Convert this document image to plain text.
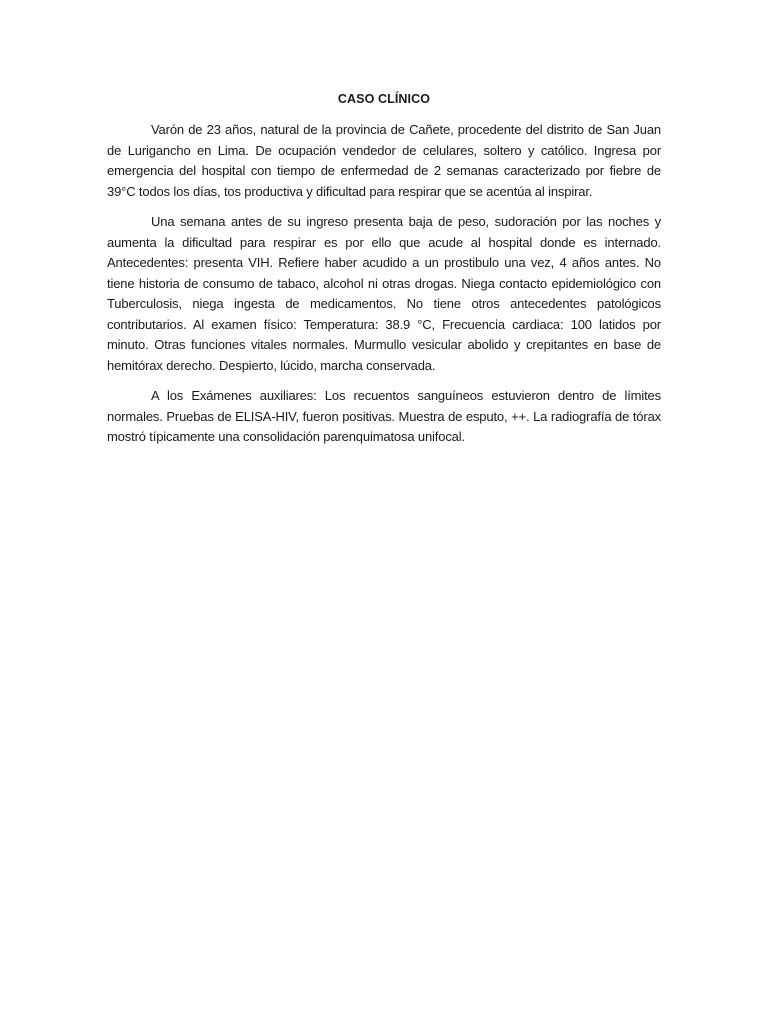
CASO CLÍNICO

Varón de 23 años, natural de la provincia de Cañete, procedente del distrito de San Juan de Lurigancho en Lima. De ocupación vendedor de celulares, soltero y católico. Ingresa por emergencia del hospital con tiempo de enfermedad de 2 semanas caracterizado por fiebre de 39°C todos los días, tos productiva y dificultad para respirar que se acentúa al inspirar.

Una semana antes de su ingreso presenta baja de peso, sudoración por las noches y aumenta la dificultad para respirar es por ello que acude al hospital donde es internado. Antecedentes: presenta VIH. Refiere haber acudido a un prostibulo una vez, 4 años antes. No tiene historia de consumo de tabaco, alcohol ni otras drogas. Niega contacto epidemiológico con Tuberculosis, niega ingesta de medicamentos. No tiene otros antecedentes patológicos contributarios. Al examen físico: Temperatura: 38.9 °C, Frecuencia cardiaca: 100 latidos por minuto. Otras funciones vitales normales. Murmullo vesicular abolido y crepitantes en base de hemitórax derecho. Despierto, lúcido, marcha conservada.

A los Exámenes auxiliares: Los recuentos sanguíneos estuvieron dentro de límites normales. Pruebas de ELISA-HIV, fueron positivas. Muestra de esputo, ++. La radiografía de tórax mostró típicamente una consolidación parenquimatosa unifocal.
